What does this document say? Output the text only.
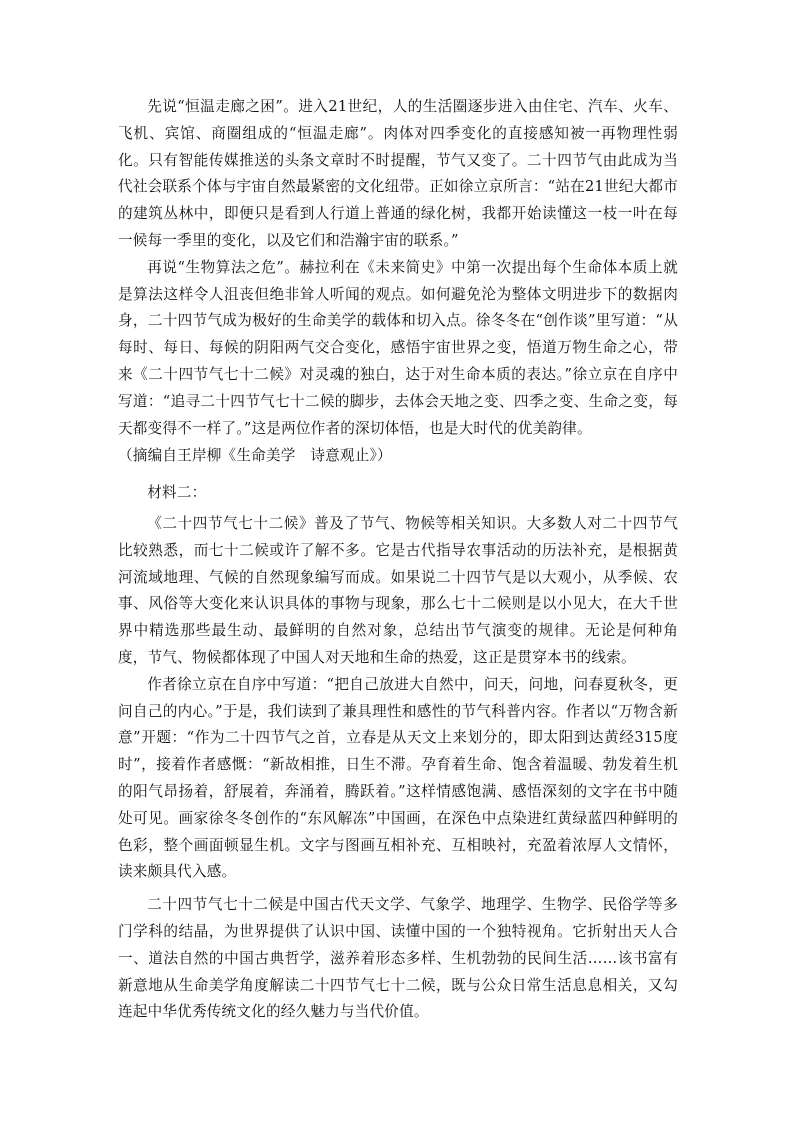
先说“恒温走廊之困”。进入21世纪，人的生活圈逐步进入由住宅、汽车、火车、飞机、宾馆、商圈组成的“恒温走廊”。肉体对四季变化的直接感知被一再物理性弱化。只有智能传媒推送的头条文章时不时提醒，节气又变了。二十四节气由此成为当代社会联系个体与宇宙自然最紧密的文化纽带。正如徐立京所言：“站在21世纪大都市的建筑丛林中，即便只是看到人行道上普通的绿化树，我都开始读懂这一枝一叶在每一候每一季里的变化，以及它们和浩瀚宇宙的联系。”

再说“生物算法之危”。赫拉利在《未来简史》中第一次提出每个生命体本质上就是算法这样令人沮丧但绝非耸人听闻的观点。如何避免沦为整体文明进步下的数据肉身，二十四节气成为极好的生命美学的载体和切入点。徐冬冬在“创作谈”里写道：“从每时、每日、每候的阴阳两气交合变化，感悟宇宙世界之变，悟道万物生命之心，带来《二十四节气七十二候》对灵魂的独白，达于对生命本质的表达。”徐立京在自序中写道：“追寻二十四节气七十二候的脚步，去体会天地之变、四季之变、生命之变，每天都变得不一样了。”这是两位作者的深切体悟，也是大时代的优美韵律。

（摘编自王岸柳《生命美学　诗意观止》）

材料二：

《二十四节气七十二候》普及了节气、物候等相关知识。大多数人对二十四节气比较熟悉，而七十二候或许了解不多。它是古代指导农事活动的历法补充，是根据黄河流域地理、气候的自然现象编写而成。如果说二十四节气是以大观小，从季候、农事、风俗等大变化来认识具体的事物与现象，那么七十二候则是以小见大，在大千世界中精选那些最生动、最鲜明的自然对象，总结出节气演变的规律。无论是何种角度，节气、物候都体现了中国人对天地和生命的热爱，这正是贯穿本书的线索。

作者徐立京在自序中写道：“把自己放进大自然中，问天，问地，问春夏秋冬，更问自己的内心。”于是，我们读到了兼具理性和感性的节气科普内容。作者以“万物含新意”开题：“作为二十四节气之首，立春是从天文上来划分的，即太阳到达黄经315度时”，接着作者感慨：“新故相推，日生不滞。孕育着生命、饱含着温暖、勃发着生机的阳气昂扬着，舒展着，奔涌着，腾跃着。”这样情感饱满、感悟深刻的文字在书中随处可见。画家徐冬冬创作的“东风解冻”中国画，在深色中点染进红黄绿蓝四种鲜明的色彩，整个画面顿显生机。文字与图画互相补充、互相映衬，充盈着浓厚人文情怀，读来颇具代入感。

二十四节气七十二候是中国古代天文学、气象学、地理学、生物学、民俗学等多门学科的结晶，为世界提供了认识中国、读懂中国的一个独特视角。它折射出天人合一、道法自然的中国古典哲学，滋养着形态多样、生机勃勃的民间生活……该书富有新意地从生命美学角度解读二十四节气七十二候，既与公众日常生活息息相关，又勾连起中华优秀传统文化的经久魅力与当代价值。
